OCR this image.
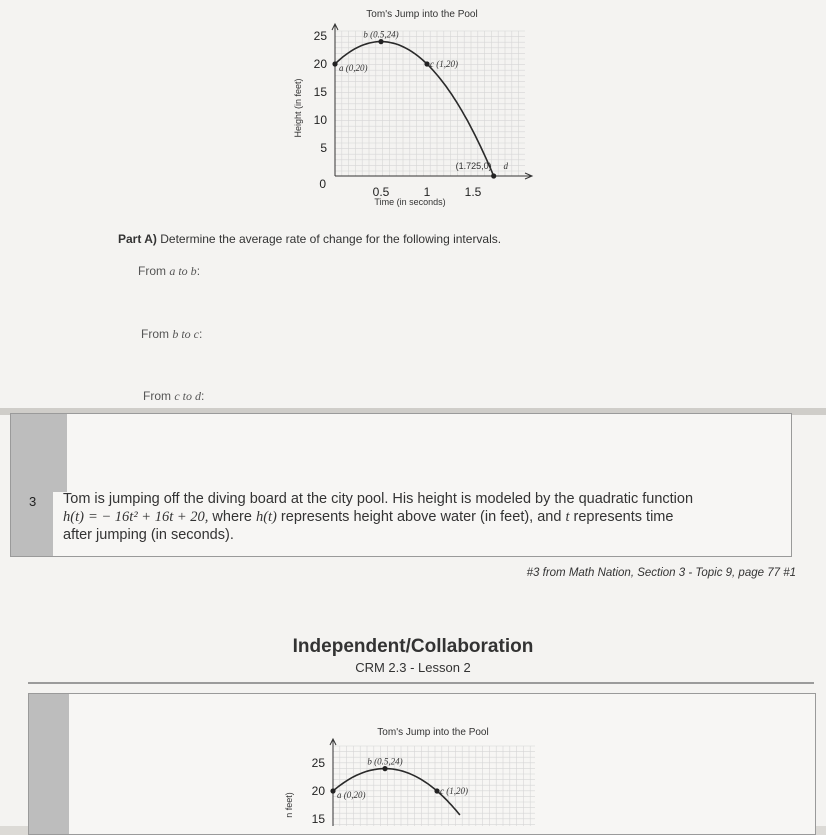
Tom's Jump into the Pool
5
10
15
20
25
0
0.5	1	1.5
Height (in feet)
Time (in seconds)
a (0,20)
b (0.5,24)
c (1,20)
(1.725,0) d
Part A) Determine the average rate of change for the following intervals.
From a to b:
From b to c:
From c to d:
3 Tom is jumping off the diving board at the city pool. His height is modeled by the quadratic function
h(t) = − 16t² + 16t + 20, where h(t) represents height above water (in feet), and t represents time
after jumping (in seconds).
#3 from Math Nation, Section 3 - Topic 9, page 77 #1
Independent/Collaboration
CRM 2.3 - Lesson 2
Tom's Jump into the Pool
15
20
25
n feet)	a (0,20)
b (0.5,24)
c (1,20)
